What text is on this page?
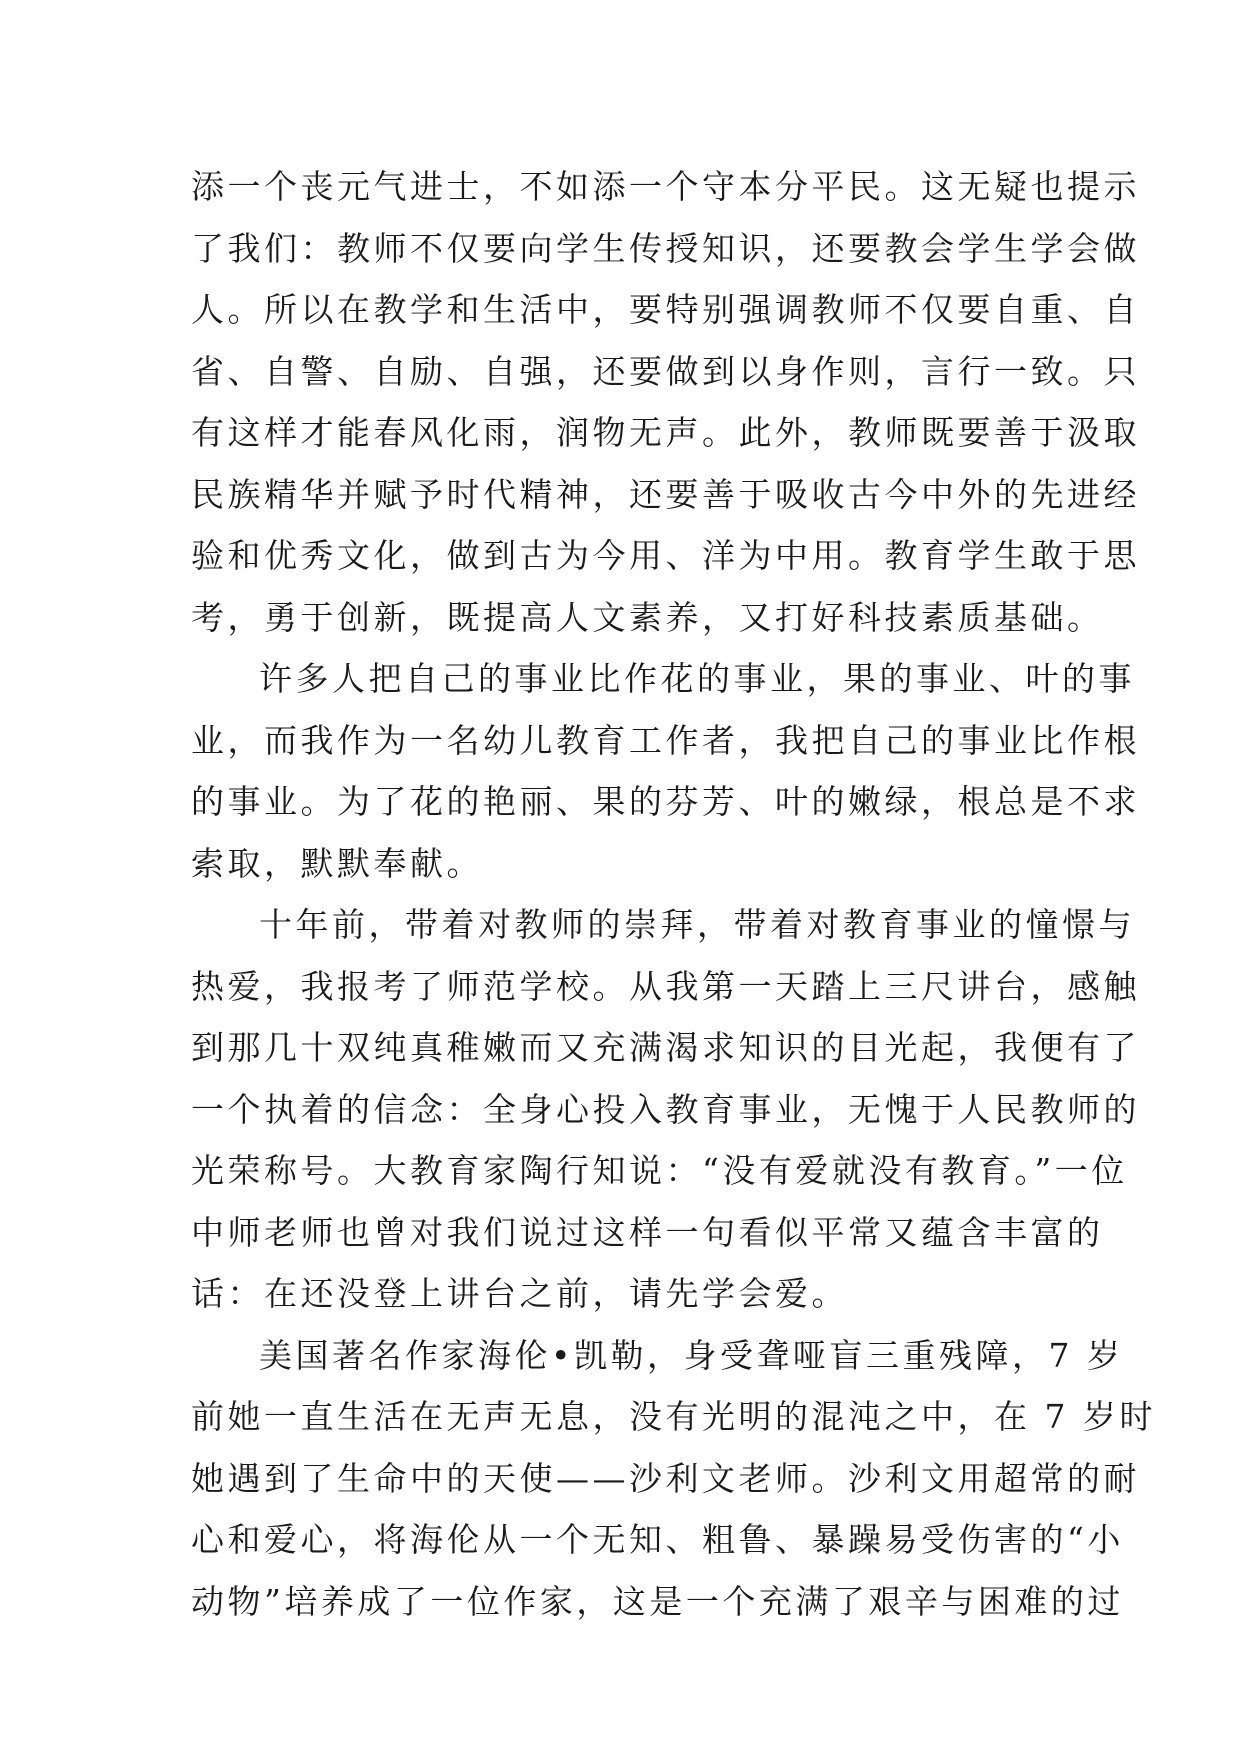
添一个丧元气进士，不如添一个守本分平民。这无疑也提示
了我们：教师不仅要向学生传授知识，还要教会学生学会做
人。所以在教学和生活中，要特别强调教师不仅要自重、自
省、自警、自励、自强，还要做到以身作则，言行一致。只
有这样才能春风化雨，润物无声。此外，教师既要善于汲取
民族精华并赋予时代精神，还要善于吸收古今中外的先进经
验和优秀文化，做到古为今用、洋为中用。教育学生敢于思
考，勇于创新，既提高人文素养，又打好科技素质基础。
许多人把自己的事业比作花的事业，果的事业、叶的事
业，而我作为一名幼儿教育工作者，我把自己的事业比作根
的事业。为了花的艳丽、果的芬芳、叶的嫩绿，根总是不求
索取，默默奉献。
十年前，带着对教师的崇拜，带着对教育事业的憧憬与
热爱，我报考了师范学校。从我第一天踏上三尺讲台，感触
到那几十双纯真稚嫩而又充满渴求知识的目光起，我便有了
一个执着的信念：全身心投入教育事业，无愧于人民教师的
光荣称号。大教育家陶行知说：“没有爱就没有教育。”一位
中师老师也曾对我们说过这样一句看似平常又蕴含丰富的
话：在还没登上讲台之前，请先学会爱。
美国著名作家海伦•凯勒，身受聋哑盲三重残障，7 岁
前她一直生活在无声无息，没有光明的混沌之中，在 7 岁时
她遇到了生命中的天使——沙利文老师。沙利文用超常的耐
心和爱心，将海伦从一个无知、粗鲁、暴躁易受伤害的“小
动物”培养成了一位作家，这是一个充满了艰辛与困难的过
